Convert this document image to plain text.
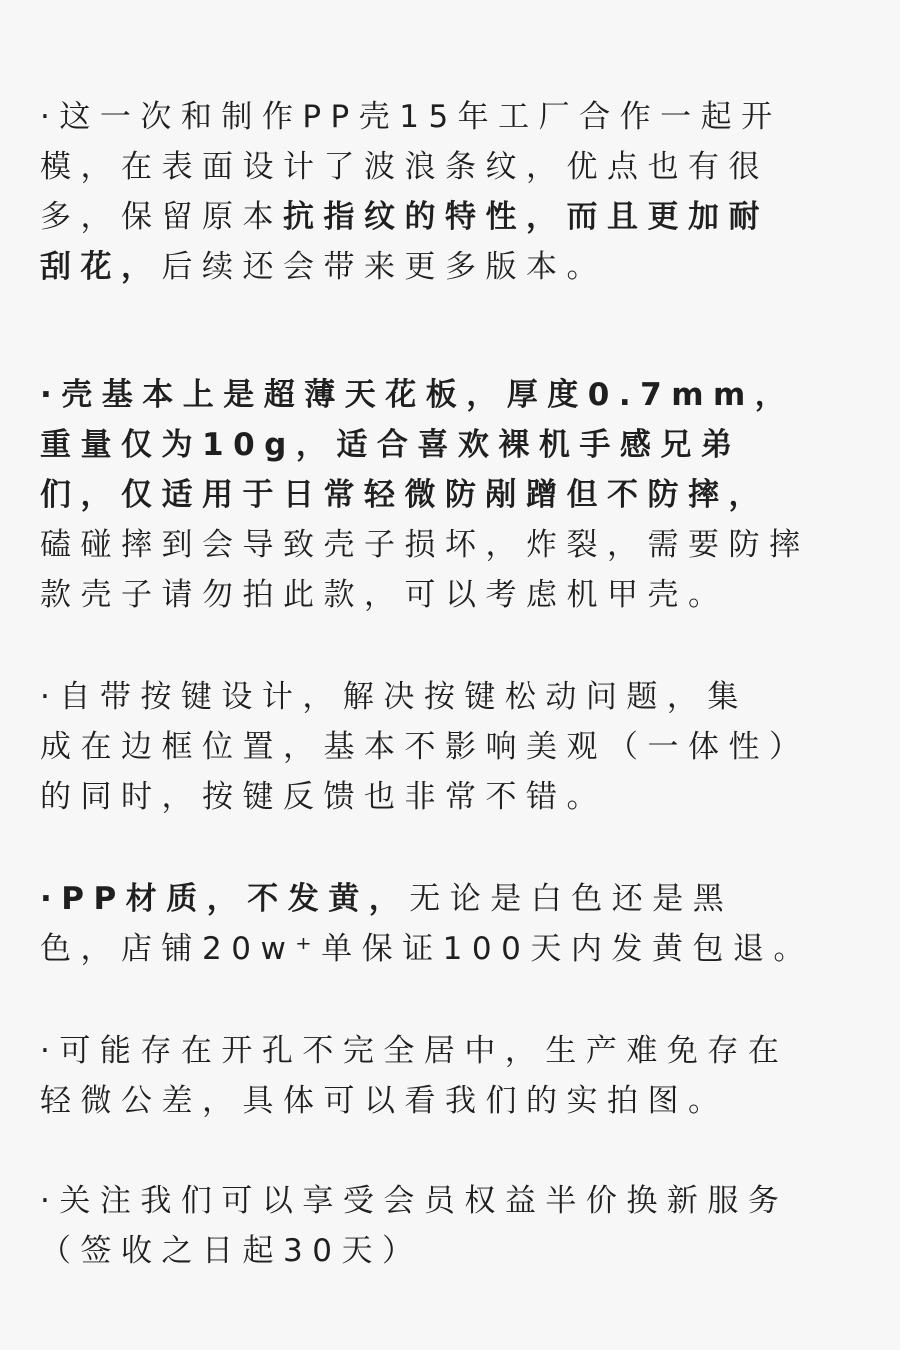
·这一次和制作PP壳15年工厂合作一起开
模，在表面设计了波浪条纹，优点也有很
多，保留原本抗指纹的特性，而且更加耐
刮花，后续还会带来更多版本。
·壳基本上是超薄天花板，厚度0.7mm，
重量仅为10g，适合喜欢裸机手感兄弟
们，仅适用于日常轻微防剐蹭但不防摔，
磕碰摔到会导致壳子损坏，炸裂，需要防摔
款壳子请勿拍此款，可以考虑机甲壳。
·自带按键设计，解决按键松动问题，集
成在边框位置，基本不影响美观（一体性）
的同时，按键反馈也非常不错。
·PP材质，不发黄，无论是白色还是黑
色，店铺20w⁺单保证100天内发黄包退。
·可能存在开孔不完全居中，生产难免存在
轻微公差，具体可以看我们的实拍图。
·关注我们可以享受会员权益半价换新服务
（签收之日起30天）
